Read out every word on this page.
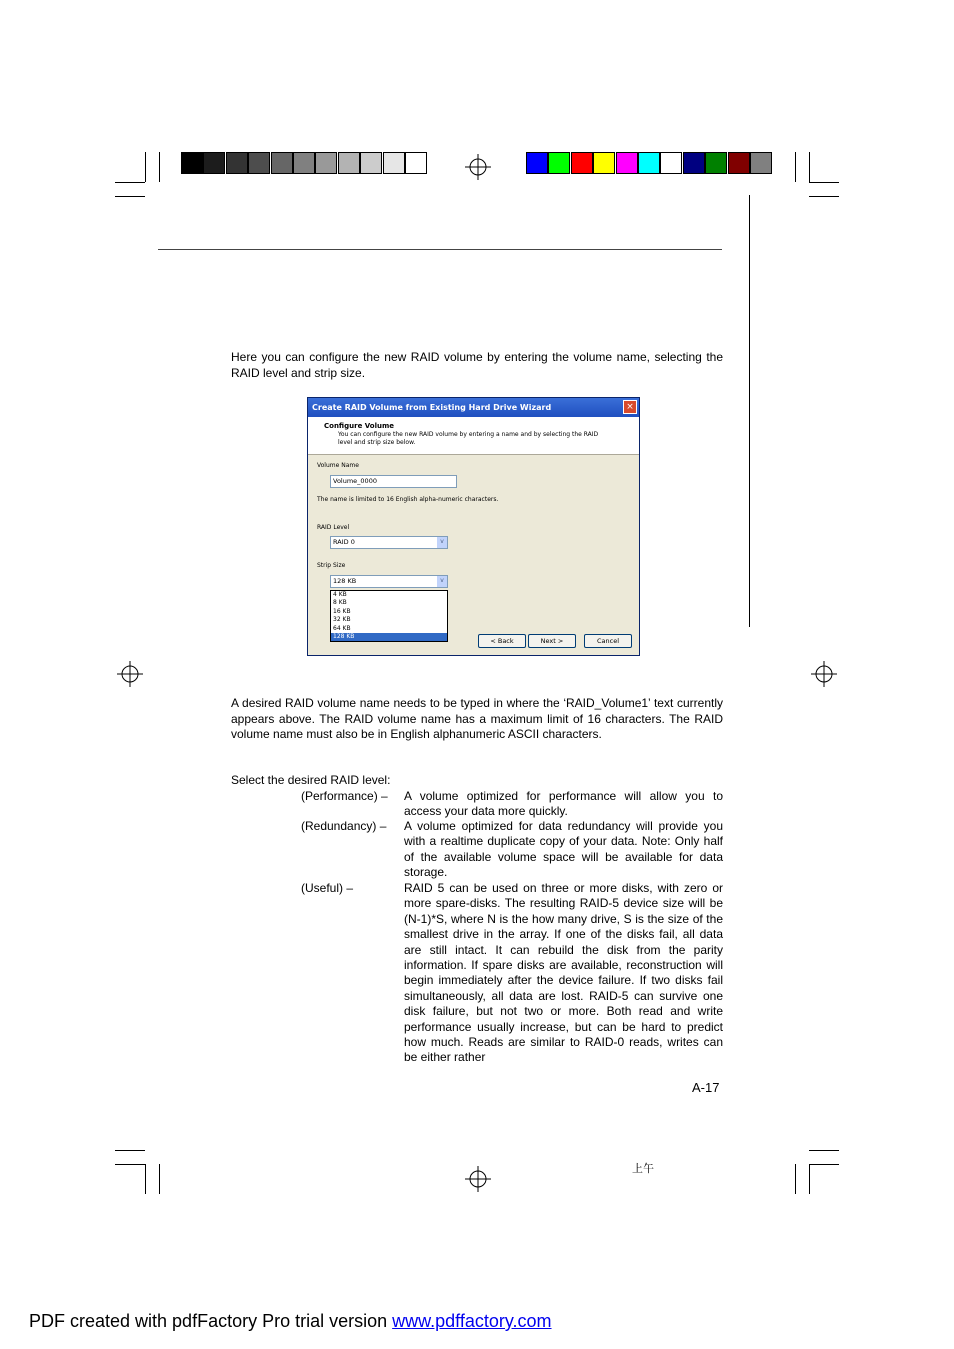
Here you can configure the new RAID volume by entering the volume name, selecting the RAID level and strip size.
Create RAID Volume from Existing Hard Drive Wizard	×
Configure Volume
You can configure the new RAID volume by entering a name and by selecting the RAID level and strip size below.
Volume Name
Volume_0000
The name is limited to 16 English alpha-numeric characters.
RAID Level
RAID 0	v
Strip Size
128 KB	v
4 KB
8 KB
16 KB
32 KB
64 KB
128 KB
< Back	Next >	Cancel
A desired RAID volume name needs to be typed in where the ‘RAID_Volume1’ text currently appears above. The RAID volume name has a maximum limit of 16 characters. The RAID volume name must also be in English alphanumeric ASCII characters.
Select the desired RAID level:
(Performance) – A volume optimized for performance will allow you to access your data more quickly.
(Redundancy) – A volume optimized for data redundancy will provide you with a realtime duplicate copy of your data. Note: Only half of the available volume space will be available for data storage.
(Useful) –	RAID 5 can be used on three or more disks, with zero or more spare-disks. The resulting RAID-5 device size will be (N-1)*S, where N is the how many drive, S is the size of the smallest drive in the array. If one of the disks fail, all data are still intact. It can rebuild the disk from the parity information. If spare disks are available, reconstruction will begin immediately after the device failure. If two disks fail simultaneously, all data are lost. RAID-5 can survive one disk failure, but not two or more. Both read and write performance usually increase, but can be hard to predict how much. Reads are similar to RAID-0 reads, writes can be either rather
A-17
上午
PDF created with pdfFactory Pro trial version www.pdffactory.com
